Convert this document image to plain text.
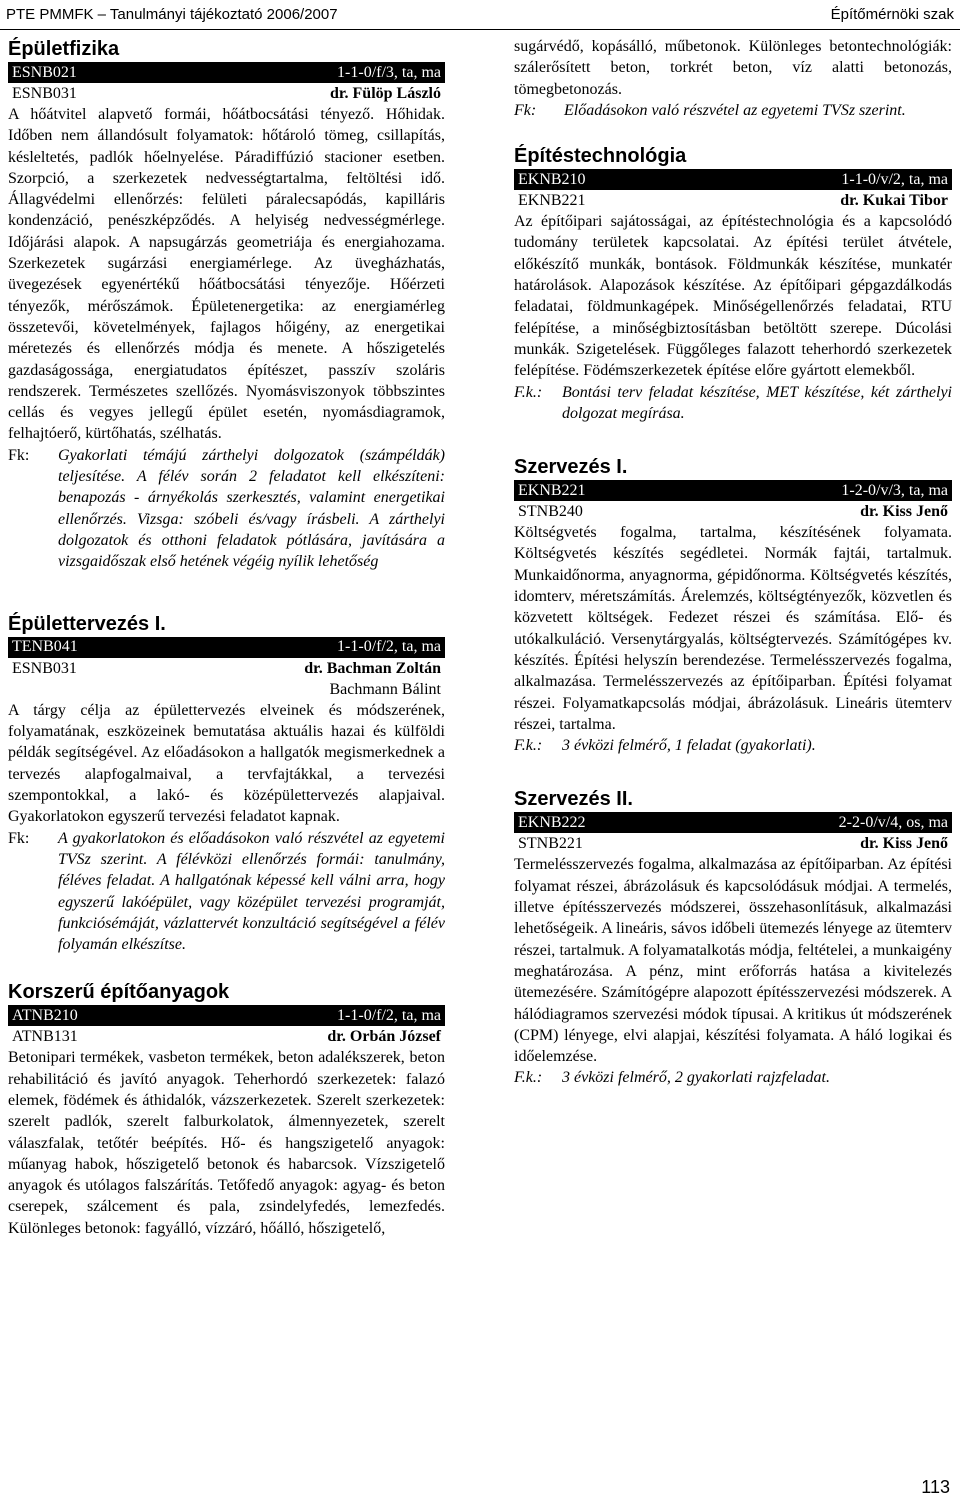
PTE PMMFK – Tanulmányi tájékoztató 2006/2007	Építőmérnöki szak
Épületfizika
ESNB021	1-1-0/f/3, ta, ma
ESNB031	dr. Fülöp László

A hőátvitel alapvető formái, hőátbocsátási tényező. Hőhidak. Időben nem állandósult folyamatok: hőtároló tömeg, csillapítás, késleltetés, padlók hőelnyelése. Páradiffúzió stacioner esetben. Szorpció, a szerkezetek nedvességtartalma, feltöltési idő. Állagvédelmi ellenőrzés: felületi páralecsapódás, kapilláris kondenzáció, penészképződés. A helyiség nedvességmérlege. Időjárási alapok. A napsugárzás geometriája és energiahozama. Szerkezetek sugárzási energiamérlege. Az üvegházhatás, üvegezések egyenértékű hőátbocsátási tényezője. Hőérzeti tényezők, mérőszámok. Épületenergetika: az energiamérleg összetevői, követelmények, fajlagos hőigény, az energetikai méretezés és ellenőrzés módja és menete. A hőszigetelés gazdaságossága, energiatudatos építészet, passzív szoláris rendszerek. Természetes szellőzés. Nyomásviszonyok többszintes cellás és vegyes jellegű épület esetén, nyomásdiagramok, felhajtóerő, kürtőhatás, szélhatás.

Fk:	Gyakorlati témájú zárthelyi dolgozatok (számpéldák) teljesítése. A félév során 2 feladatot kell elkészíteni: benapozás - árnyékolás szerkesztés, valamint energetikai ellenőrzés. Vizsga: szóbeli és/vagy írásbeli. A zárthelyi dolgozatok és otthoni feladatok pótlására, javítására a vizsgaidőszak első hetének végéig nyílik lehetőség
Épülettervezés I.
TENB041	1-1-0/f/2, ta, ma
ESNB031	dr. Bachman Zoltán
Bachmann Bálint

A tárgy célja az épülettervezés elveinek és módszerének, folyamatának, eszközeinek bemutatása aktuális hazai és külföldi példák segítségével. Az előadásokon a hallgatók megismerkednek a tervezés alapfogalmaival, a tervfajtákkal, a tervezési szempontokkal, a lakó- és középülettervezés alapjaival. Gyakorlatokon egyszerű tervezési feladatot kapnak.

Fk:	A gyakorlatokon és előadásokon való részvétel az egyetemi TVSz szerint. A félévközi ellenőrzés formái: tanulmány, féléves feladat. A hallgatónak képessé kell válni arra, hogy egyszerű lakóépület, vagy középület tervezési programját, funkciósémáját, vázlattervét konzultáció segítségével a félév folyamán elkészítse.
Korszerű építőanyagok
ATNB210	1-1-0/f/2, ta, ma
ATNB131	dr. Orbán József

Betonipari termékek, vasbeton termékek, beton adalékszerek, beton rehabilitáció és javító anyagok. Teherhordó szerkezetek: falazó elemek, födémek és áthidalók, vázszerkezetek. Szerelt szerkezetek: szerelt padlók, szerelt falburkolatok, álmennyezetek, szerelt válaszfalak, tetőtér beépítés. Hő- és hangszigetelő anyagok: műanyag habok, hőszigetelő betonok és habarcsok. Vízszigetelő anyagok és utólagos falszárítás. Tetőfedő anyagok: agyag- és beton cserepek, szálcement és pala, zsindelyfedés, lemezfedés. Különleges betonok: fagyálló, vízzáró, hőálló, hőszigetelő,

sugárvédő, kopásálló, műbetonok. Különleges betontechnológiák: szálerősített beton, torkrét beton, víz alatti betonozás, tömegbetonozás.

Fk:	Előadásokon való részvétel az egyetemi TVSz szerint.
Építéstechnológia
EKNB210	1-1-0/v/2, ta, ma
EKNB221	dr. Kukai Tibor

Az építőipari sajátosságai, az építéstechnológia és a kapcsolódó tudomány területek kapcsolatai. Az építési terület átvétele, előkészítő munkák, bontások. Földmunkák készítése, munkatér határolások. Alapozások készítése. Az építőipari gépgazdálkodás feladatai, földmunkagépek. Minőségellenőrzés feladatai, RTU felépítése, a minőségbiztosításban betöltött szerepe. Dúcolási munkák. Szigetelések. Függőleges falazott teherhordó szerkezetek felépítése. Födémszerkezetek építése előre gyártott elemekből.

F.k.:	Bontási terv feladat készítése, MET készítése, két zárthelyi dolgozat megírása.
Szervezés I.
EKNB221	1-2-0/v/3, ta, ma
STNB240	dr. Kiss Jenő

Költségvetés fogalma, tartalma, készítésének folyamata. Költségvetés készítés segédletei. Normák fajtái, tartalmuk. Munkaidőnorma, anyagnorma, gépidőnorma. Költségvetés készítés, idomterv, méretszámítás. Árelemzés, költségtényezők, közvetlen és közvetett költségek. Fedezet részei és számítása. Elő- és utókalkuláció. Versenytárgyalás, költségtervezés. Számítógépes kv. készítés. Építési helyszín berendezése. Termelésszervezés fogalma, alkalmazása. Termelésszervezés az építőiparban. Építési folyamat részei. Folyamatkapcsolás módjai, ábrázolásuk. Lineáris ütemterv részei, tartalma.

F.k.:	3 évközi felmérő, 1 feladat (gyakorlati).
Szervezés II.
EKNB222	2-2-0/v/4, os, ma
STNB221	dr. Kiss Jenő

Termelésszervezés fogalma, alkalmazása az építőiparban. Az építési folyamat részei, ábrázolásuk és kapcsolódásuk módjai. A termelés, illetve építésszervezés módszerei, összehasonlításuk, alkalmazási lehetőségeik. A lineáris, sávos időbeli ütemezés lényege az ütemterv részei, tartalmuk. A folyamatalkotás módja, feltételei, a munkaigény meghatározása. A pénz, mint erőforrás hatása a kivitelezés ütemezésére. Számítógépre alapozott építésszervezési módszerek. A hálódiagramos szervezési módok típusai. A kritikus út módszerének (CPM) lényege, elvi alapjai, készítési folyamata. A háló logikai és időelemzése.

F.k.:	3 évközi felmérő, 2 gyakorlati rajzfeladat.
113
